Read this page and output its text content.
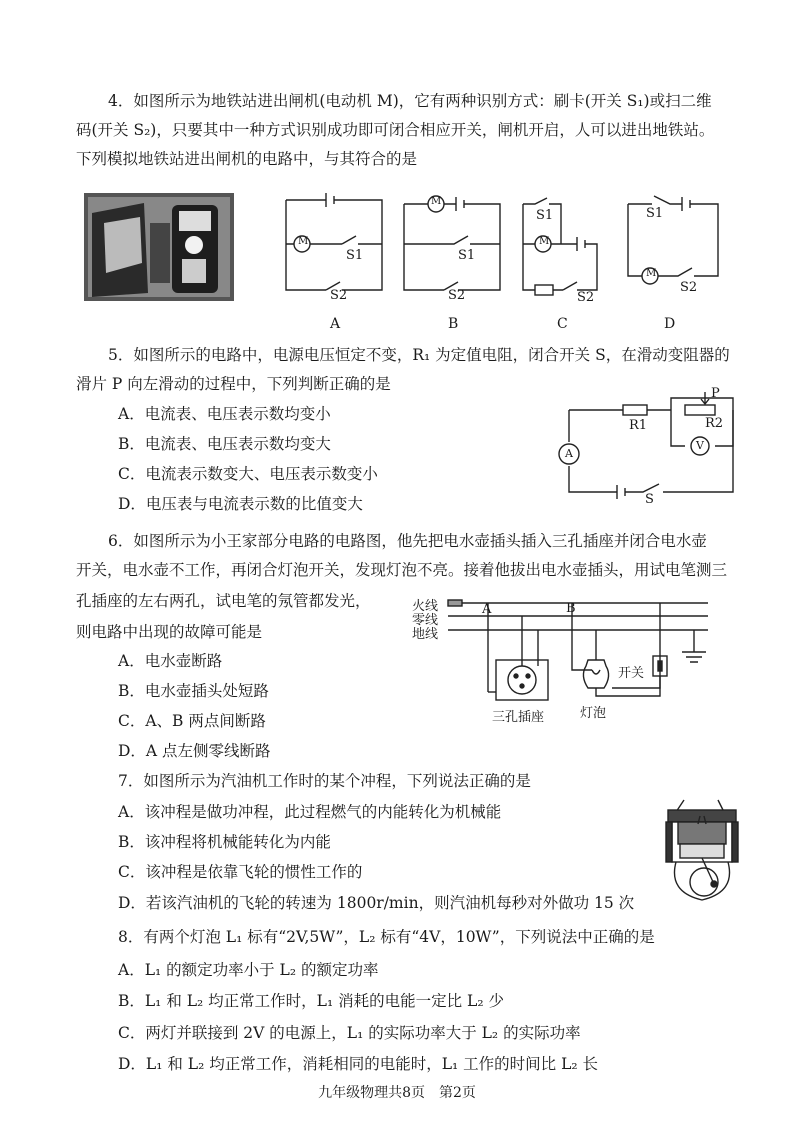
4．如图所示为地铁站进出闸机(电动机 M)，它有两种识别方式：刷卡(开关 S₁)或扫二维
码(开关 S₂)，只要其中一种方式识别成功即可闭合相应开关，闸机开启，人可以进出地铁站。
下列模拟地铁站进出闸机的电路中，与其符合的是
M
S1
S2
M
S1
S2
S1
M
S2
S1
M
S2
A	B	C	D
5．如图所示的电路中，电源电压恒定不变，R₁ 为定值电阻，闭合开关 S，在滑动变阻器的
滑片 P 向左滑动的过程中，下列判断正确的是
A．电流表、电压表示数均变小
B．电流表、电压表示数均变大
C．电流表示数变大、电压表示数变小
D．电压表与电流表示数的比值变大
P
R1	R2
A
V
S
6．如图所示为小王家部分电路的电路图，他先把电水壶插头插入三孔插座并闭合电水壶
开关，电水壶不工作，再闭合灯泡开关，发现灯泡不亮。接着他拔出电水壶插头，用试电笔测三
孔插座的左右两孔，试电笔的氖管都发光，
则电路中出现的故障可能是
A．电水壶断路
B．电水壶插头处短路
C．A、B 两点间断路
D．A 点左侧零线断路
火线
零线
地线
A	B
开关
三孔插座	灯泡
7．如图所示为汽油机工作时的某个冲程，下列说法正确的是
A．该冲程是做功冲程，此过程燃气的内能转化为机械能
B．该冲程将机械能转化为内能
C．该冲程是依靠飞轮的惯性工作的
D．若该汽油机的飞轮的转速为 1800r/min，则汽油机每秒对外做功 15 次
8．有两个灯泡 L₁ 标有“2V,5W”，L₂ 标有“4V，10W”，下列说法中正确的是
A．L₁ 的额定功率小于 L₂ 的额定功率
B．L₁ 和 L₂ 均正常工作时，L₁ 消耗的电能一定比 L₂ 少
C．两灯并联接到 2V 的电源上，L₁ 的实际功率大于 L₂ 的实际功率
D．L₁ 和 L₂ 均正常工作，消耗相同的电能时，L₁ 工作的时间比 L₂ 长
九年级物理共8页　第2页
